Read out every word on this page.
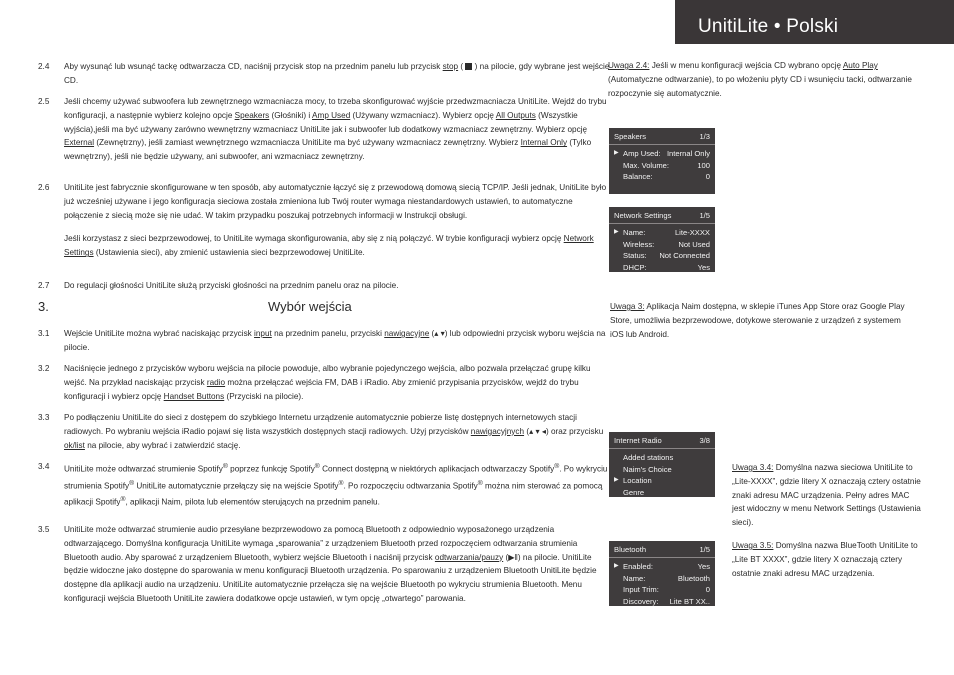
UnitiLite • Polski
2.4	Aby wysunąć lub wsunąć tackę odtwarzacza CD, naciśnij przycisk stop na przednim panelu lub przycisk stop (  ) na pilocie, gdy wybrane jest wejście CD.

2.5	Jeśli chcemy używać subwoofera lub zewnętrznego wzmacniacza mocy, to trzeba skonfigurować wyjście przedwzmacniacza UnitiLite. Wejdź do trybu konfiguracji, a następnie wybierz kolejno opcje Speakers (Głośniki) i Amp Used (Używany wzmacniacz). Wybierz opcję All Outputs (Wszystkie wyjścia),jeśli ma być używany zarówno wewnętrzny wzmacniacz UnitiLite jak i subwoofer lub dodatkowy wzmacniacz zewnętrzny. Wybierz opcję External (Zewnętrzny), jeśli zamiast wewnętrznego wzmacniacza UnitiLite ma być używany wzmacniacz zewnętrzny. Wybierz Internal Only (Tylko wewnętrzny), jeśli nie będzie używany, ani subwoofer, ani wzmacniacz zewnętrzny.

2.6	UnitiLite jest fabrycznie skonfigurowane w ten sposób, aby automatycznie łączyć się z przewodową domową siecią TCP/IP. Jeśli jednak, UnitiLite było już wcześniej używane i jego konfiguracja sieciowa została zmieniona lub Twój router wymaga niestandardowych ustawień, to automatyczne połączenie z siecią może się nie udać. W takim przypadku poszukaj potrzebnych informacji w Instrukcji obsługi.

Jeśli korzystasz z sieci bezprzewodowej, to UnitiLite wymaga skonfigurowania, aby się z nią połączyć. W trybie konfiguracji wybierz opcję Network Settings (Ustawienia sieci), aby zmienić ustawienia sieci bezprzewodowej UnitiLite.

2.7	Do regulacji głośności UnitiLite służą przyciski głośności na przednim panelu oraz na pilocie.

3.	Wybór wejścia
3.1	Wejście UnitiLite można wybrać naciskając przycisk input na przednim panelu, przyciski nawigacyjne (▴ ▾) lub odpowiedni przycisk wyboru wejścia na pilocie.

3.2	Naciśnięcie jednego z przycisków wyboru wejścia na pilocie powoduje, albo wybranie pojedynczego wejścia, albo pozwala przełączać grupę kilku wejść. Na przykład naciskając przycisk radio można przełączać wejścia FM, DAB i iRadio. Aby zmienić przypisania przycisków, wejdź do trybu konfiguracji i wybierz opcję Handset Buttons (Przyciski na pilocie).

3.3	Po podłączeniu UnitiLite do sieci z dostępem do szybkiego Internetu urządzenie automatycznie pobierze listę dostępnych internetowych stacji radiowych. Po wybraniu wejścia iRadio pojawi się lista wszystkich dostępnych stacji radiowych. Użyj przycisków nawigacyjnych (▴ ▾ ◂) oraz przycisku ok/list na pilocie, aby wybrać i zatwierdzić stację.

3.4	UnitiLite może odtwarzać strumienie Spotify® poprzez funkcję Spotify® Connect dostępną w niektórych aplikacjach odtwarzaczy Spotify®. Po wykryciu strumienia Spotify® UnitiLite automatycznie przełączy się na wejście Spotify®. Po rozpoczęciu odtwarzania Spotify® można nim sterować za pomocą aplikacji Spotify®, aplikacji Naim, pilota lub elementów sterujących na przednim panelu.

3.5	UnitiLite może odtwarzać strumienie audio przesyłane bezprzewodowo za pomocą Bluetooth z odpowiednio wyposażonego urządzenia odtwarzającego. Domyślna konfiguracja UnitiLite wymaga „sparowania” z urządzeniem Bluetooth przed rozpoczęciem odtwarzania strumienia Bluetooth audio. Aby sparować z urządzeniem Bluetooth, wybierz wejście Bluetooth i naciśnij przycisk odtwarzania/pauzy (▶‖) na pilocie. UnitiLite będzie widoczne jako dostępne do sparowania w menu konfiguracji Bluetooth urządzenia. Po sparowaniu z urządzeniem Bluetooth UnitiLite będzie dostępne dla aplikacji audio na urządzeniu. UnitiLite automatycznie przełącza się na wejście Bluetooth po wykryciu strumienia Bluetooth. Menu konfiguracji wejścia Bluetooth UnitiLite zawiera dodatkowe opcje ustawień, w tym opcję „otwartego” parowania.

Uwaga 2.4: Jeśli w menu konfiguracji wejścia CD wybrano opcję Auto Play (Automatyczne odtwarzanie), to po włożeniu płyty CD i wsunięciu tacki, odtwarzanie rozpoczynie się automatycznie.
Uwaga 3: Aplikacja Naim dostępna, w sklepie iTunes App Store oraz Google Play Store, umożliwia bezprzewodowe, dotykowe sterowanie z urządzeń z systemem iOS lub Android.
Uwaga 3.4: Domyślna nazwa sieciowa UnitiLite to „Lite-XXXX”, gdzie litery X oznaczają cztery ostatnie znaki adresu MAC urządzenia. Pełny adres MAC jest widoczny w menu Network Settings (Ustawienia sieci).
Uwaga 3.5: Domyślna nazwa BlueTooth UnitiLite to „Lite BT XXXX”, gdzie litery X oznaczają cztery ostatnie znaki adresu MAC urządzenia.
Speakers	1/3
▶ Amp Used: Internal Only
Max. Volume:	100
Balance:	0
Network Settings	1/5
▶ Name:	Lite-XXXX
Wireless:	Not Used
Status: Not Connected
DHCP:	Yes
Internet Radio	3/8
Added stations
Naim's Choice
▶ Location
Genre
Bluetooth	1/5
▶ Enabled:	Yes
Name:	Bluetooth
Input Trim:	0
Discovery: Lite BT XX..
